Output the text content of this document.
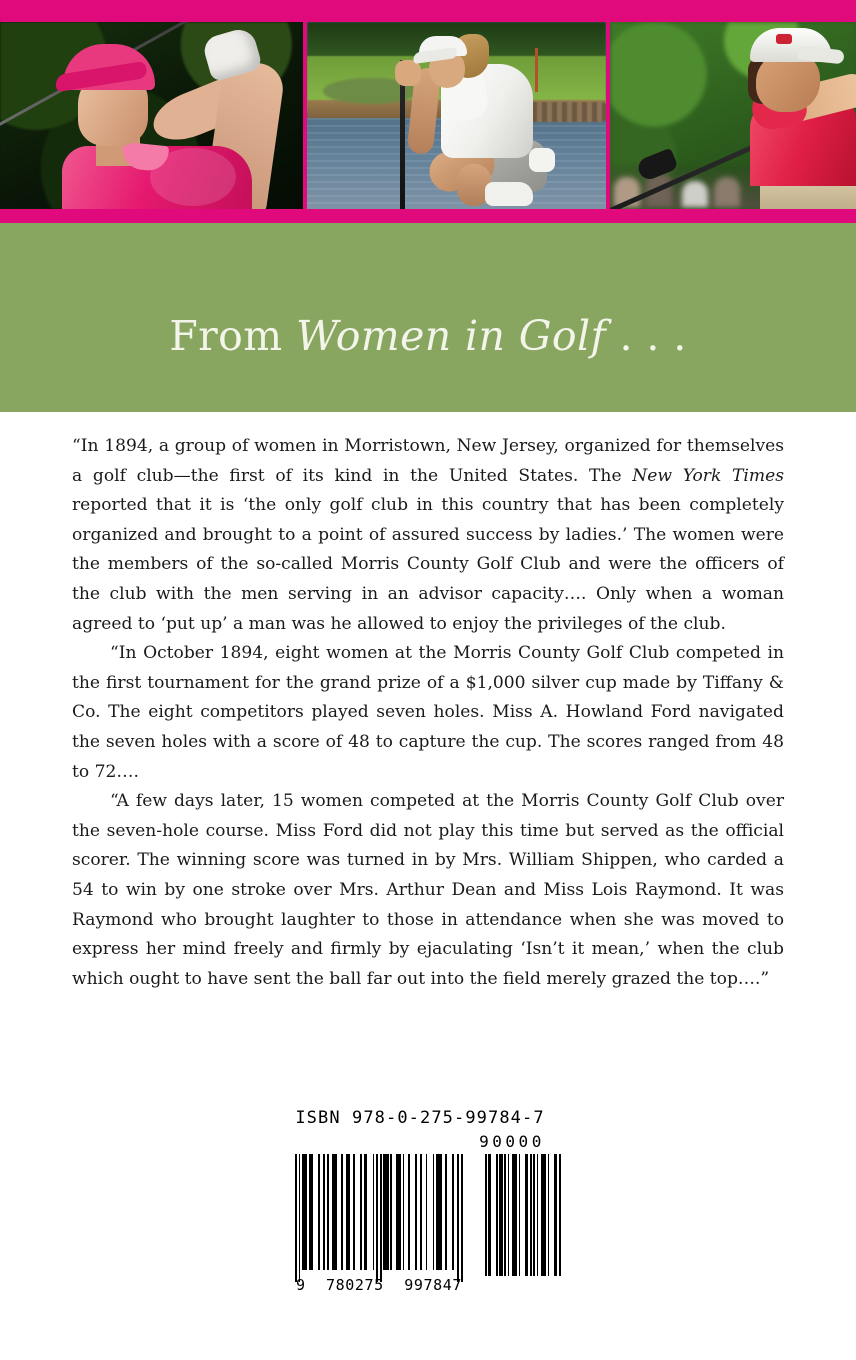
From Women in Golf . . .

“In 1894, a group of women in Morristown, New Jersey, organized for themselves a golf club—the first of its kind in the United States. The New York Times reported that it is ‘the only golf club in this country that has been completely organized and brought to a point of assured success by ladies.’ The women were the members of the so-called Morris County Golf Club and were the officers of the club with the men serving in an advisor capacity…. Only when a woman agreed to ‘put up’ a man was he allowed to enjoy the privileges of the club.

“In October 1894, eight women at the Morris County Golf Club competed in the first tournament for the grand prize of a $1,000 silver cup made by Tiffany & Co. The eight competitors played seven holes. Miss A. Howland Ford navigated the seven holes with a score of 48 to capture the cup. The scores ranged from 48 to 72….

“A few days later, 15 women competed at the Morris County Golf Club over the seven-hole course. Miss Ford did not play this time but served as the official scorer. The winning score was turned in by Mrs. William Shippen, who carded a 54 to win by one stroke over Mrs. Arthur Dean and Miss Lois Raymond. It was Raymond who brought laughter to those in attendance when she was moved to express her mind freely and firmly by ejaculating ‘Isn’t it mean,’ when the club which ought to have sent the ball far out into the field merely grazed the top….”

ISBN 978-0-275-99784-7
90000
9 780275 997847
